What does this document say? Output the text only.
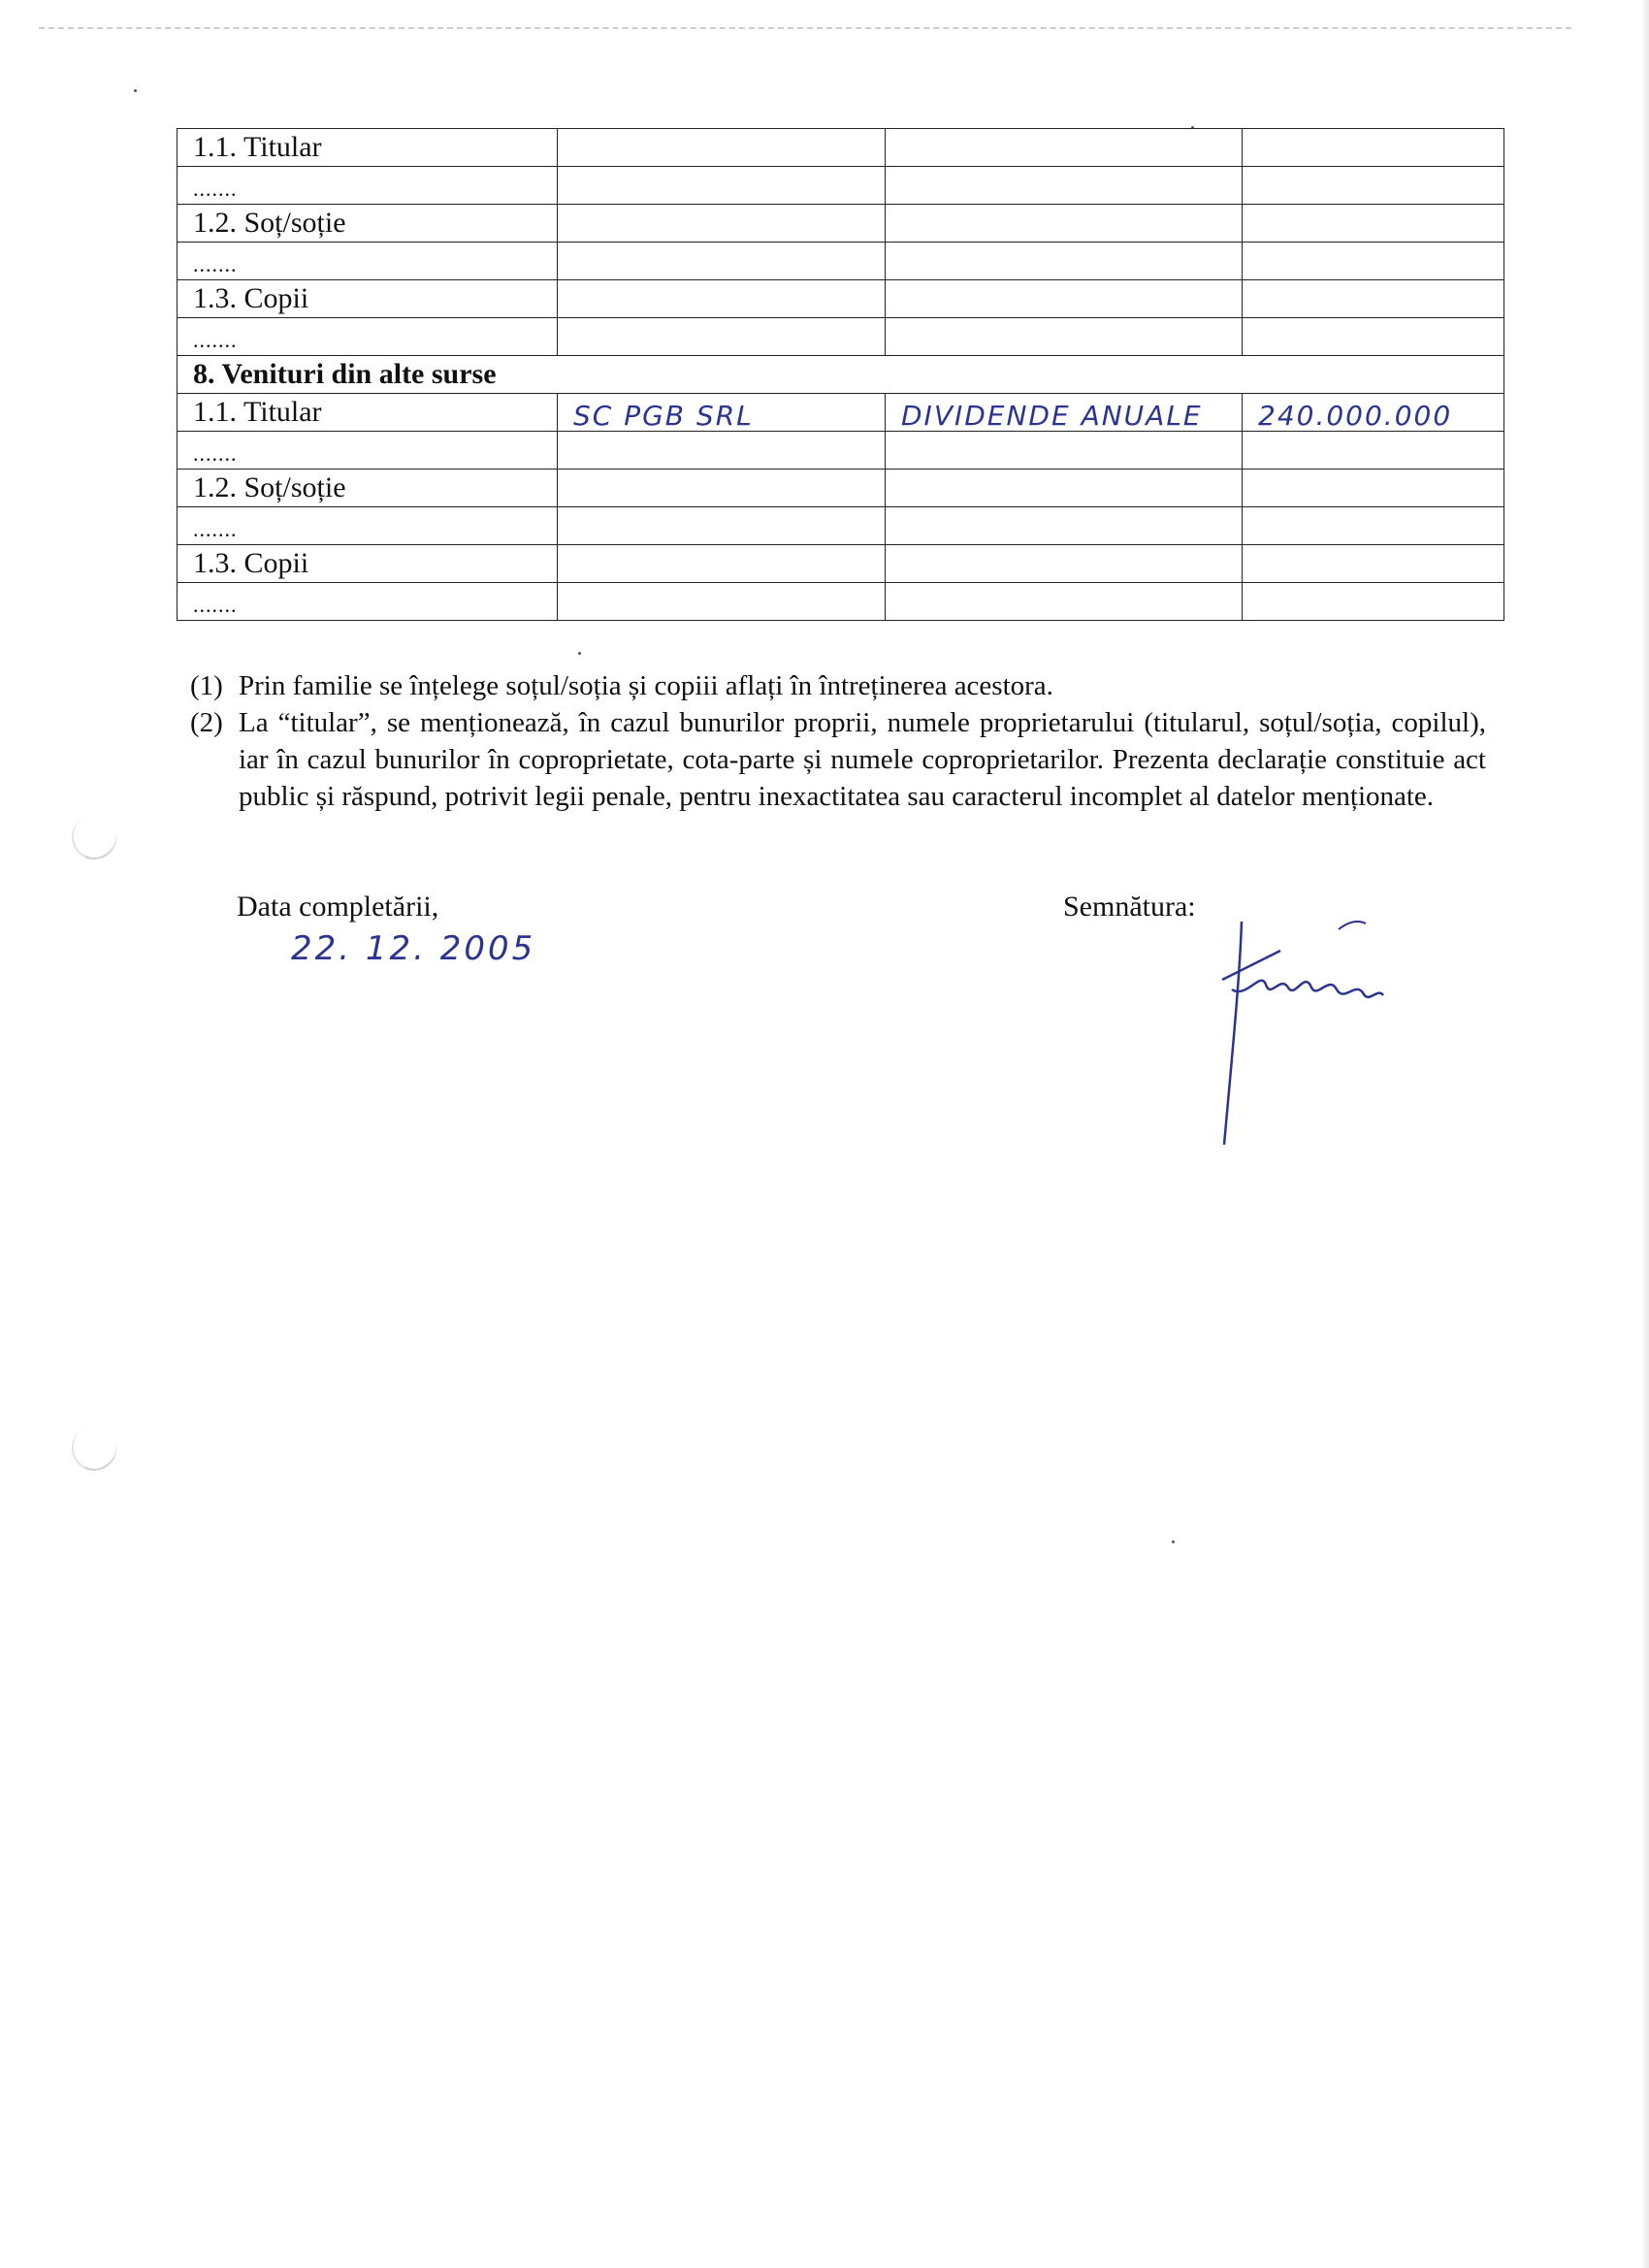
1.1. Titular			
.......			
1.2. Soț/soție			
.......			
1.3. Copii			
.......			
8. Venituri din alte surse			
1.1. Titular	SC PGB SRL	DIVIDENDE ANUALE	240.000.000
.......			
1.2. Soț/soție			
.......			
1.3. Copii			
.......			
(1) Prin familie se înțelege soțul/soția și copiii aflați în întreținerea acestora.
(2) La “titular”, se menționează, în cazul bunurilor proprii, numele proprietarului (titularul, soțul/soția, copilul), iar în cazul bunurilor în coproprietate, cota-parte și numele coproprietarilor. Prezenta declarație constituie act public și răspund, potrivit legii penale, pentru inexactitatea sau caracterul incomplet al datelor menționate.
Data completării,
22. 12. 2005
Semnătura:
